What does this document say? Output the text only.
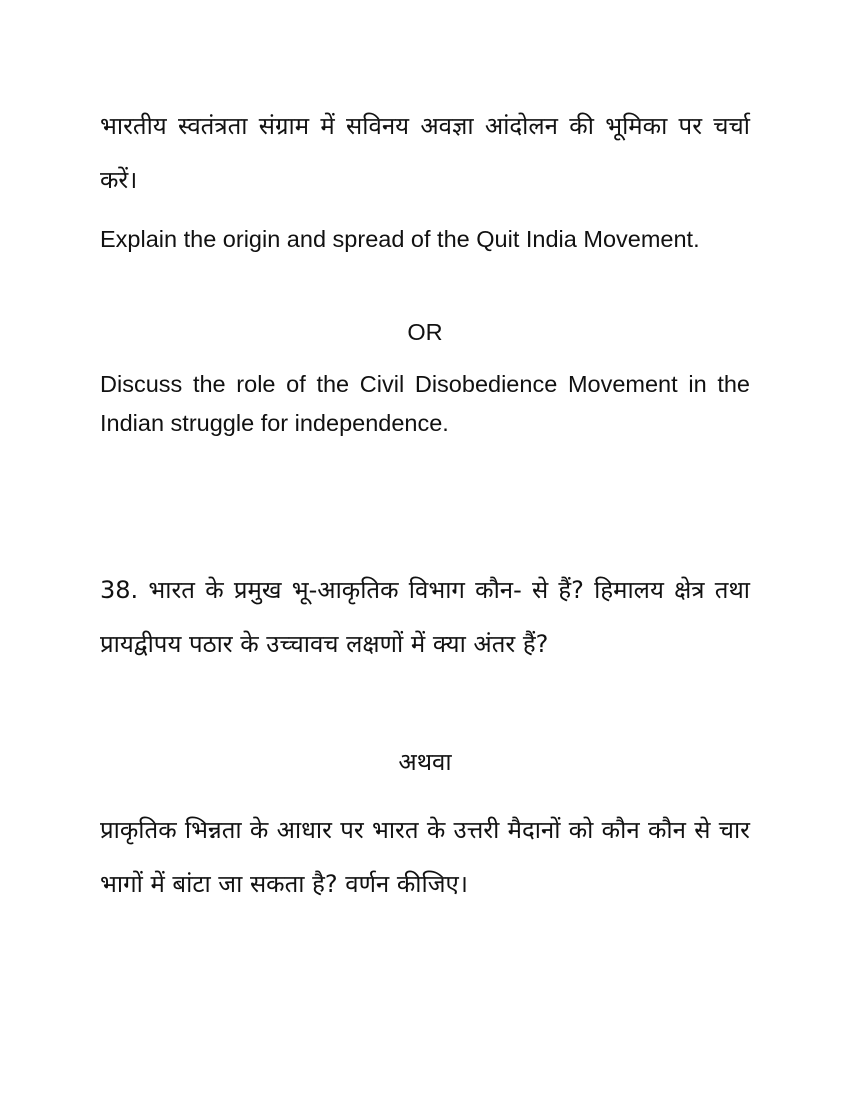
भारतीय स्वतंत्रता संग्राम में सविनय अवज्ञा आंदोलन की भूमिका पर चर्चा करें।

Explain the origin and spread of the Quit India Movement.

OR

Discuss the role of the Civil Disobedience Movement in the Indian struggle for independence.

38. भारत के प्रमुख भू-आकृतिक विभाग कौन- से हैं? हिमालय क्षेत्र तथा प्रायद्वीपय पठार के उच्चावच लक्षणों में क्या अंतर हैं?

अथवा

प्राकृतिक भिन्नता के आधार पर भारत के उत्तरी मैदानों को कौन कौन से चार भागों में बांटा जा सकता है? वर्णन कीजिए।
